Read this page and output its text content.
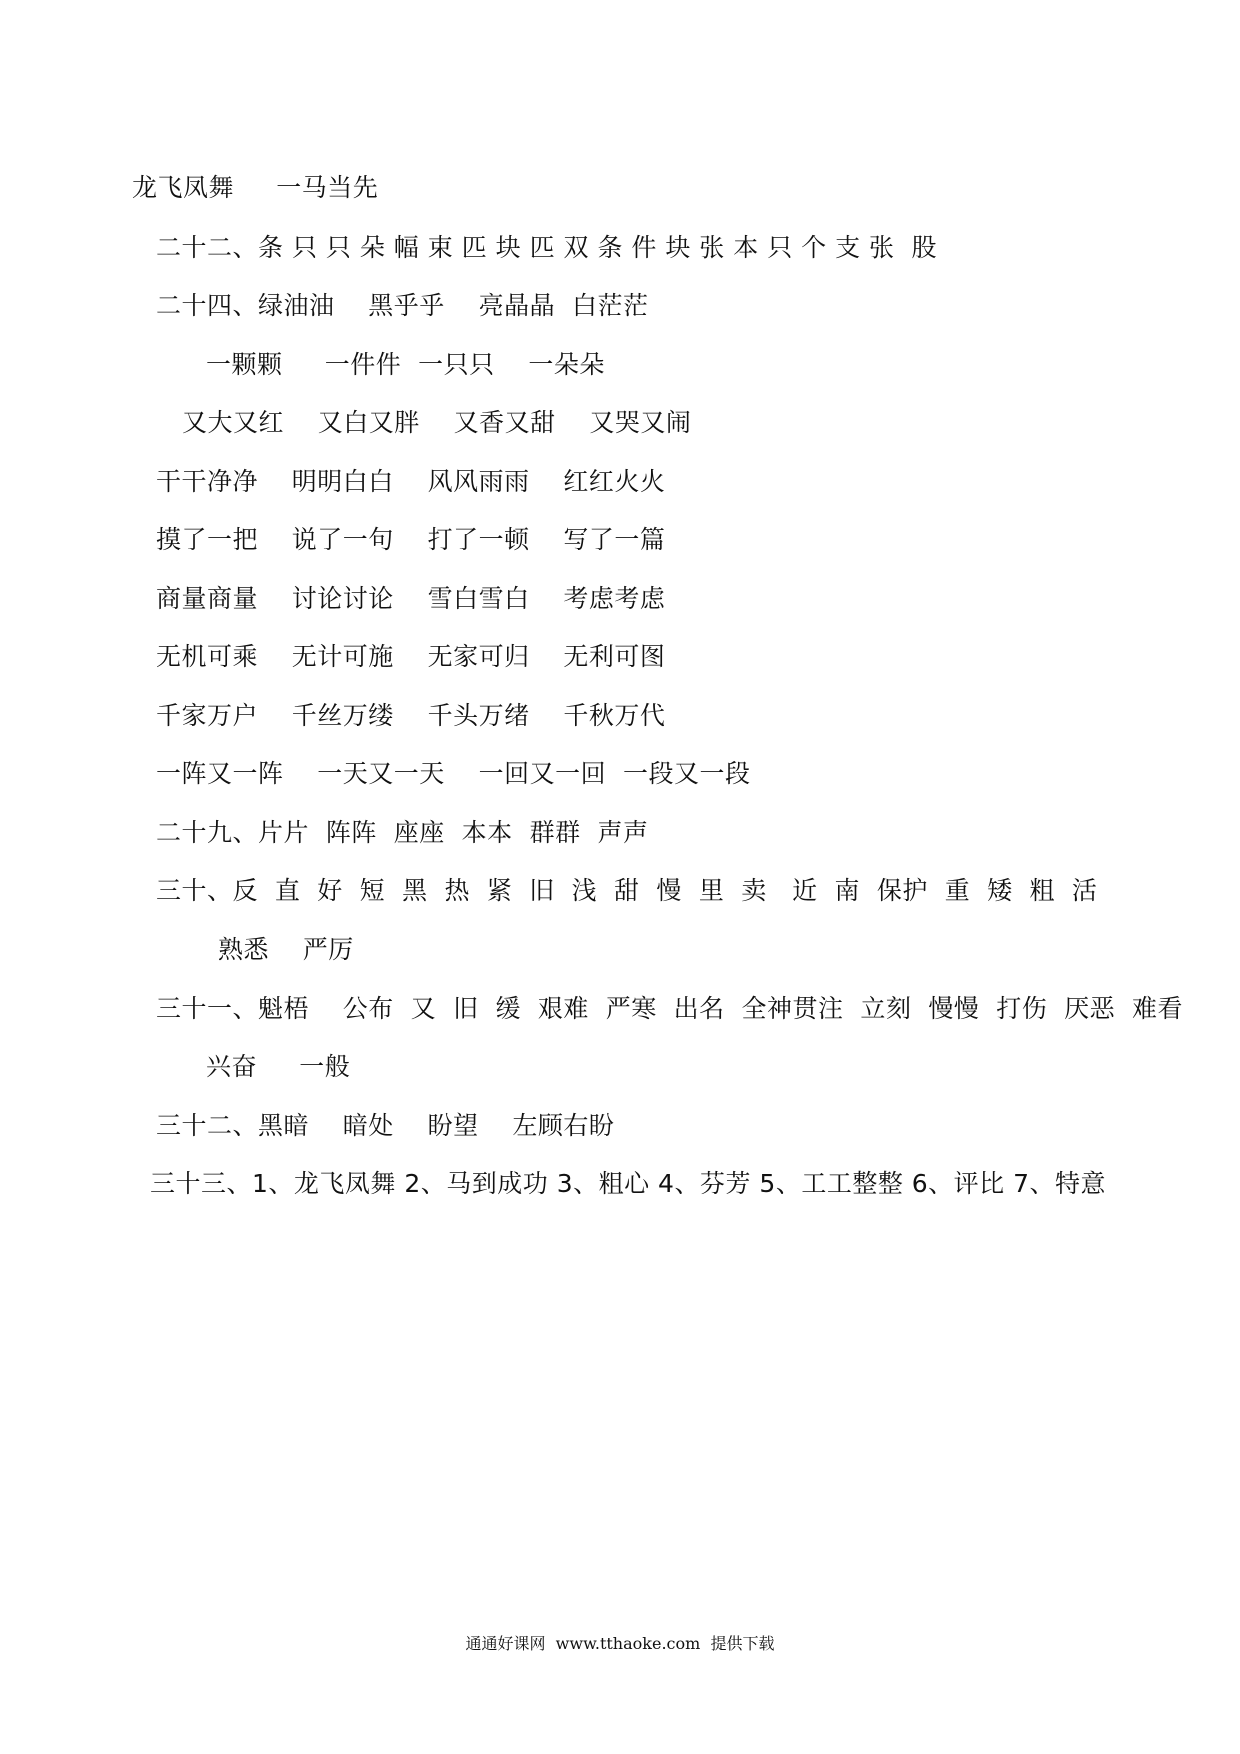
龙飞凤舞     一马当先
二十二、条 只 只 朵 幅 束 匹 块 匹 双 条 件 块 张 本 只 个 支 张  股
二十四、绿油油    黑乎乎    亮晶晶  白茫茫
一颗颗     一件件  一只只    一朵朵
又大又红    又白又胖    又香又甜    又哭又闹
干干净净    明明白白    风风雨雨    红红火火
摸了一把    说了一句    打了一顿    写了一篇
商量商量    讨论讨论    雪白雪白    考虑考虑
无机可乘    无计可施    无家可归    无利可图
千家万户    千丝万缕    千头万绪    千秋万代
一阵又一阵    一天又一天    一回又一回  一段又一段
二十九、片片  阵阵  座座  本本  群群  声声
三十、反  直  好  短  黑  热  紧  旧  浅  甜  慢  里  卖   近  南  保护  重  矮  粗  活
熟悉    严厉
三十一、魁梧    公布  又  旧  缓  艰难  严寒  出名  全神贯注  立刻  慢慢  打伤  厌恶  难看
兴奋     一般
三十二、黑暗    暗处    盼望    左顾右盼
三十三、1、龙飞凤舞 2、马到成功 3、粗心 4、芬芳 5、工工整整 6、评比 7、特意
通通好课网  www.tthaoke.com  提供下载
